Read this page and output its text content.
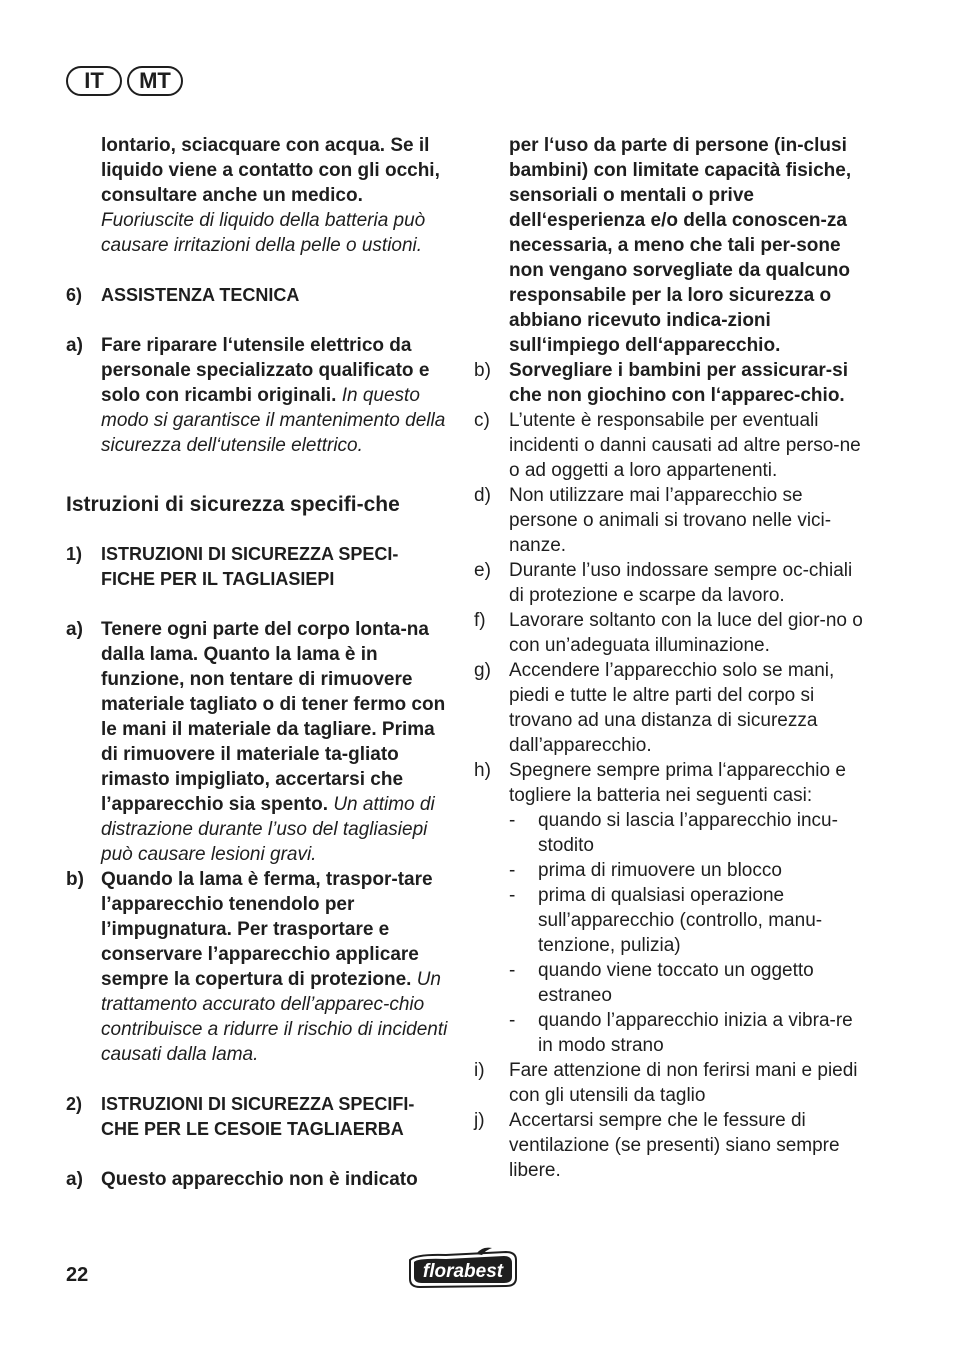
IT	MT
lontario, sciacquare con acqua. Se il liquido viene a contatto con gli occhi, consultare anche un medico. Fuoriuscite di liquido della batteria può causare irritazioni della pelle o ustioni.
6)	ASSISTENZA TECNICA
a) Fare riparare l‘utensile elettrico da personale specializzato qualificato e solo con ricambi originali. In questo modo si garantisce il mantenimento della sicurezza dell‘utensile elettrico.
Istruzioni di sicurezza specifi-che
1)	ISTRUZIONI DI SICUREZZA SPECI-FICHE PER IL TAGLIASIEPI
a) Tenere ogni parte del corpo lonta-na dalla lama. Quanto la lama è in funzione, non tentare di rimuovere materiale tagliato o di tener fermo con le mani il materiale da tagliare. Prima di rimuovere il materiale ta-gliato rimasto impigliato, accertarsi che l’apparecchio sia spento. Un attimo di distrazione durante l’uso del tagliasiepi può causare lesioni gravi.
b) Quando la lama è ferma, traspor-tare l’apparecchio tenendolo per l’impugnatura. Per trasportare e conservare l’apparecchio applicare sempre la copertura di protezione. Un trattamento accurato dell’apparec-chio contribuisce a ridurre il rischio di incidenti causati dalla lama.
2)	ISTRUZIONI DI SICUREZZA SPECIFI-CHE PER LE CESOIE TAGLIAERBA
a) Questo apparecchio non è indicato
per l‘uso da parte di persone (in-clusi bambini) con limitate capacità fisiche, sensoriali o mentali o prive dell‘esperienza e/o della conoscen-za necessaria, a meno che tali per-sone non vengano sorvegliate da qualcuno responsabile per la loro sicurezza o abbiano ricevuto indica-zioni sull‘impiego dell‘apparecchio.
b) Sorvegliare i bambini per assicurar-si che non giochino con l‘apparec-chio.
c)	L’utente è responsabile per eventuali incidenti o danni causati ad altre perso-ne o ad oggetti a loro appartenenti.
d) Non utilizzare mai l’apparecchio se persone o animali si trovano nelle vici-nanze.
e) Durante l’uso indossare sempre oc-chiali di protezione e scarpe da lavoro.
f)	Lavorare soltanto con la luce del gior-no o con un’adeguata illuminazione.
g) Accendere l’apparecchio solo se mani, piedi e tutte le altre parti del corpo si trovano ad una distanza di sicurezza dall’apparecchio.
h) Spegnere sempre prima l‘apparecchio e togliere la batteria nei seguenti casi:
-	quando si lascia l’apparecchio incu-stodito
-	prima di rimuovere un blocco
-	prima di qualsiasi operazione sull’apparecchio (controllo, manu-tenzione, pulizia)
-	quando viene toccato un oggetto estraneo
-	quando l’apparecchio inizia a vibra-re in modo strano
i)	Fare attenzione di non ferirsi mani e piedi con gli utensili da taglio
j)	Accertarsi sempre che le fessure di ventilazione (se presenti) siano sempre libere.
22	florabest
